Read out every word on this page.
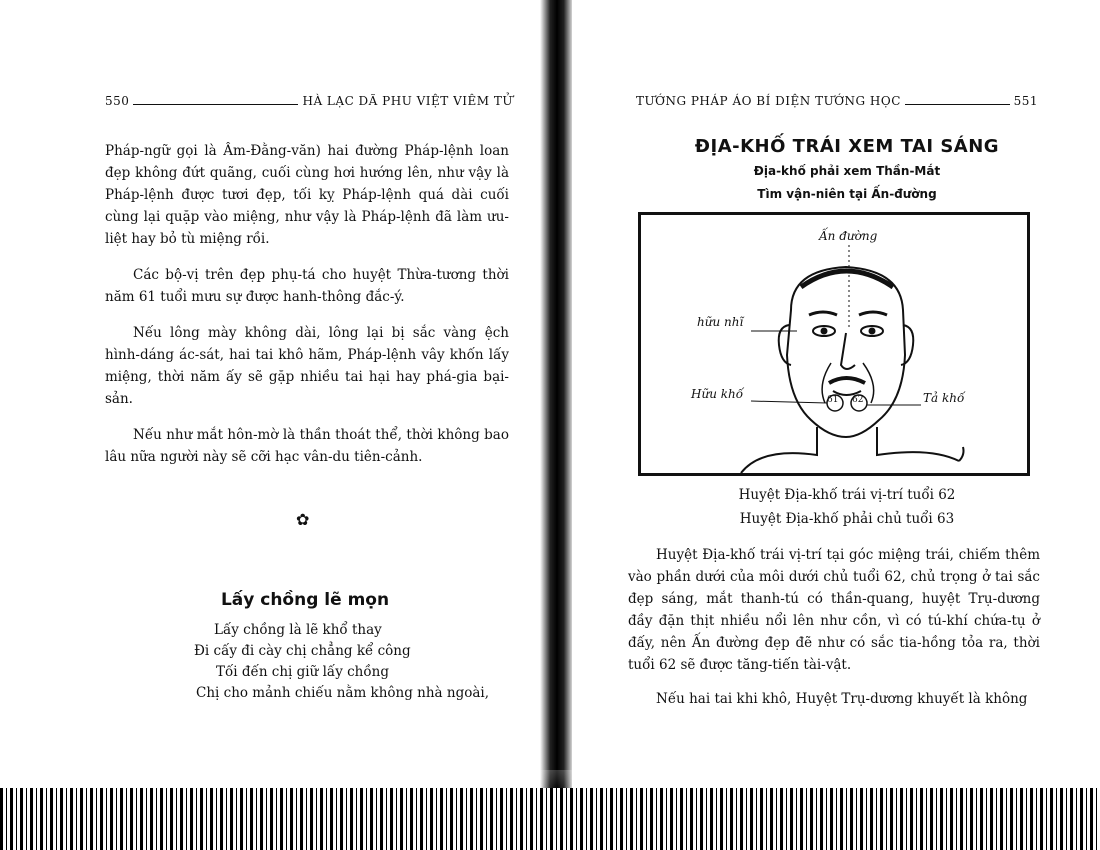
550	HÀ LẠC DÃ PHU VIỆT VIÊM TỬ

Pháp-ngữ gọi là Âm-Đằng-văn) hai đường Pháp-lệnh loan đẹp không đứt quãng, cuối cùng hơi hướng lên, như vậy là Pháp-lệnh được tươi đẹp, tối kỵ Pháp-lệnh quá dài cuối cùng lại quặp vào miệng, như vậy là Pháp-lệnh đã làm ưu-liệt hay bỏ tù miệng rồi.

Các bộ-vị trên đẹp phụ-tá cho huyệt Thừa-tương thời năm 61 tuổi mưu sự được hanh-thông đắc-ý.

Nếu lông mày không dài, lông lại bị sắc vàng ệch hình-dáng ác-sát, hai tai khô hãm, Pháp-lệnh vây khốn lấy miệng, thời năm ấy sẽ gặp nhiều tai hại hay phá-gia bại-sản.

Nếu như mắt hôn-mờ là thần thoát thể, thời không bao lâu nữa người này sẽ cỡi hạc vân-du tiên-cảnh.

✿
Lấy chồng lẽ mọn
Lấy chồng là lẽ khổ thay
Đi cấy đi cày chị chẳng kể công
Tối đến chị giữ lấy chồng
Chị cho mảnh chiếu nằm không nhà ngoài,
TƯỚNG PHÁP ÁO BÍ DIỆN TƯỚNG HỌC	551
ĐỊA-KHỐ TRÁI XEM TAI SÁNG
Địa-khố phải xem Thần-Mắt
Tìm vận-niên tại Ấn-đường
Ấn đường
hữu nhĩ
Hữu khố	Tả khố
61 62
Huyệt Địa-khố trái vị-trí tuổi 62
Huyệt Địa-khố phải chủ tuổi 63

Huyệt Địa-khố trái vị-trí tại góc miệng trái, chiếm thêm vào phần dưới của môi dưới chủ tuổi 62, chủ trọng ở tai sắc đẹp sáng, mắt thanh-tú có thần-quang, huyệt Trụ-dương đầy đặn thịt nhiều nổi lên như cồn, vì có tú-khí chứa-tụ ở đấy, nên Ấn đường đẹp đẽ như có sắc tia-hồng tỏa ra, thời tuổi 62 sẽ được tăng-tiến tài-vật.

Nếu hai tai khi khô, Huyệt Trụ-dương khuyết là không
